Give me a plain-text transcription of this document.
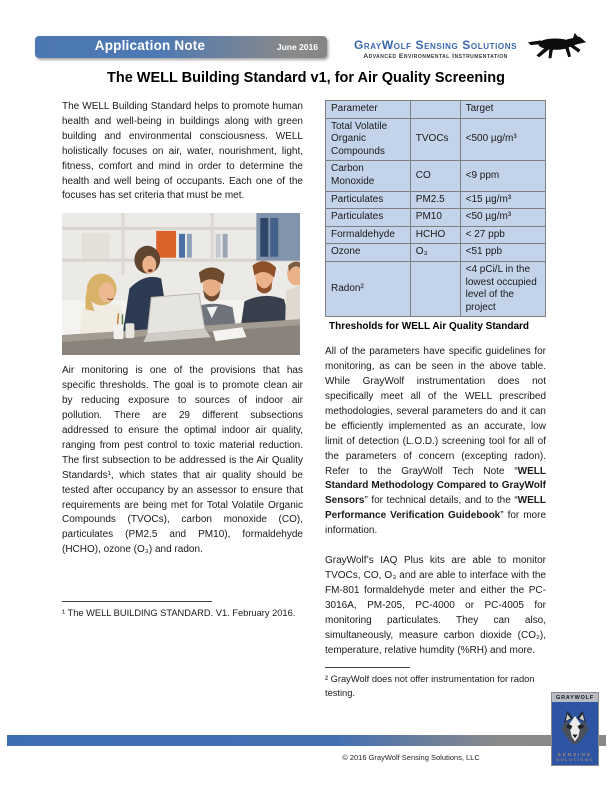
Application Note	June 2016	GrayWolf Sensing Solutions
Advanced Environmental Instrumentation
The WELL Building Standard v1, for Air Quality Screening

The WELL Building Standard helps to promote human health and well-being in buildings along with green building and environmental consciousness. WELL holistically focuses on air, water, nourishment, light, fitness, comfort and mind in order to determine the health and well being of occupants. Each one of the focuses has set criteria that must be met.

Air monitoring is one of the provisions that has specific thresholds. The goal is to promote clean air by reducing exposure to sources of indoor air pollution. There are 29 different subsections addressed to ensure the optimal indoor air quality, ranging from pest control to toxic material reduction. The first subsection to be addressed is the Air Quality Standards¹, which states that air quality should be tested after occupancy by an assessor to ensure that requirements are being met for Total Volatile Organic Compounds (TVOCs), carbon monoxide (CO), particulates (PM2.5 and PM10), formaldehyde (HCHO), ozone (O₃) and radon.

¹ The WELL BUILDING STANDARD. V1. February 2016.

Parameter		Target
Total Volatile Organic Compounds	TVOCs	<500 µg/m³
Carbon Monoxide	CO	<9 ppm
Particulates	PM2.5	<15 µg/m³
Particulates	PM10	<50 µg/m³
Formaldehyde	HCHO	< 27 ppb
Ozone	O₃	<51 ppb
Radon²		<4 pCi/L in the lowest occupied level of the project

Thresholds for WELL Air Quality Standard

All of the parameters have specific guidelines for monitoring, as can be seen in the above table. While GrayWolf instrumentation does not specifically meet all of the WELL prescribed methodologies, several parameters do and it can be efficiently implemented as an accurate, low limit of detection (L.O.D.) screening tool for all of the parameters of concern (excepting radon). Refer to the GrayWolf Tech Note “WELL Standard Methodology Compared to GrayWolf Sensors” for technical details, and to the “WELL Performance Verification Guidebook” for more information.

GrayWolf’s IAQ Plus kits are able to monitor TVOCs, CO, O₃ and are able to interface with the FM-801 formaldehyde meter and either the PC-3016A, PM-205, PC-4000 or PC-4005 for monitoring particulates. They can also, simultaneously, measure carbon dioxide (CO₂), temperature, relative humdity (%RH) and more.

² GrayWolf does not offer instrumentation for radon testing.

© 2016 GrayWolf Sensing Solutions, LLC
GRAYWOLF
SENSING
SOLUTIONS
